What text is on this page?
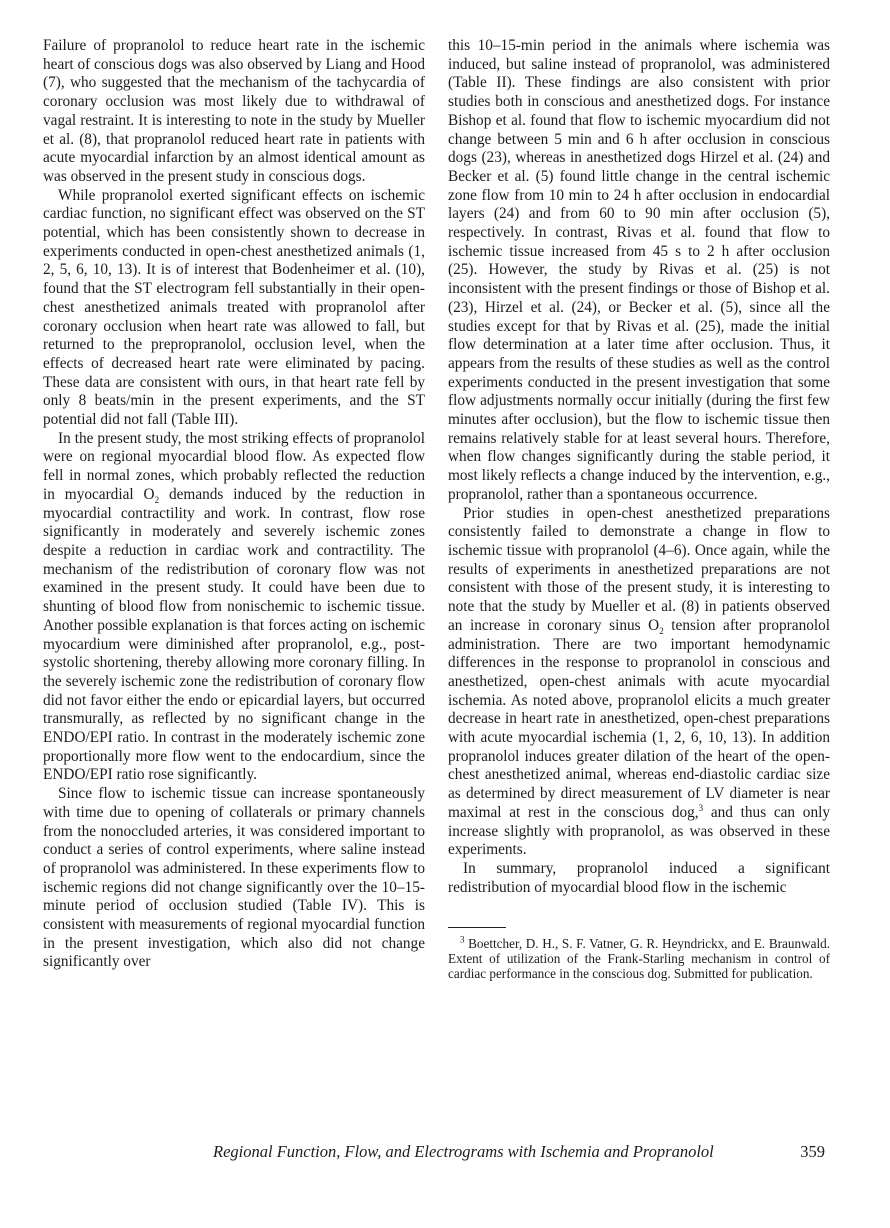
Failure of propranolol to reduce heart rate in the ischemic heart of conscious dogs was also observed by Liang and Hood (7), who suggested that the mechanism of the tachycardia of coronary occlusion was most likely due to withdrawal of vagal restraint. It is interesting to note in the study by Mueller et al. (8), that propranolol reduced heart rate in patients with acute myocardial infarction by an almost identical amount as was observed in the present study in conscious dogs.

While propranolol exerted significant effects on ischemic cardiac function, no significant effect was observed on the ST potential, which has been consistently shown to decrease in experiments conducted in open-chest anesthetized animals (1, 2, 5, 6, 10, 13). It is of interest that Bodenheimer et al. (10), found that the ST electrogram fell substantially in their open-chest anesthetized animals treated with propranolol after coronary occlusion when heart rate was allowed to fall, but returned to the prepropranolol, occlusion level, when the effects of decreased heart rate were eliminated by pacing. These data are consistent with ours, in that heart rate fell by only 8 beats/min in the present experiments, and the ST potential did not fall (Table III).

In the present study, the most striking effects of propranolol were on regional myocardial blood flow. As expected flow fell in normal zones, which probably reflected the reduction in myocardial $O_2$ demands induced by the reduction in myocardial contractility and work. In contrast, flow rose significantly in moderately and severely ischemic zones despite a reduction in cardiac work and contractility. The mechanism of the redistribution of coronary flow was not examined in the present study. It could have been due to shunting of blood flow from nonischemic to ischemic tissue. Another possible explanation is that forces acting on ischemic myocardium were diminished after propranolol, e.g., post-systolic shortening, thereby allowing more coronary filling. In the severely ischemic zone the redistribution of coronary flow did not favor either the endo or epicardial layers, but occurred transmurally, as reflected by no significant change in the ENDO/EPI ratio. In contrast in the moderately ischemic zone proportionally more flow went to the endocardium, since the ENDO/EPI ratio rose significantly.

Since flow to ischemic tissue can increase spontaneously with time due to opening of collaterals or primary channels from the nonoccluded arteries, it was considered important to conduct a series of control experiments, where saline instead of propranolol was administered. In these experiments flow to ischemic regions did not change significantly over the 10–15-minute period of occlusion studied (Table IV). This is consistent with measurements of regional myocardial function in the present investigation, which also did not change significantly over

this 10–15-min period in the animals where ischemia was induced, but saline instead of propranolol, was administered (Table II). These findings are also consistent with prior studies both in conscious and anesthetized dogs. For instance Bishop et al. found that flow to ischemic myocardium did not change between 5 min and 6 h after occlusion in conscious dogs (23), whereas in anesthetized dogs Hirzel et al. (24) and Becker et al. (5) found little change in the central ischemic zone flow from 10 min to 24 h after occlusion in endocardial layers (24) and from 60 to 90 min after occlusion (5), respectively. In contrast, Rivas et al. found that flow to ischemic tissue increased from 45 s to 2 h after occlusion (25). However, the study by Rivas et al. (25) is not inconsistent with the present findings or those of Bishop et al. (23), Hirzel et al. (24), or Becker et al. (5), since all the studies except for that by Rivas et al. (25), made the initial flow determination at a later time after occlusion. Thus, it appears from the results of these studies as well as the control experiments conducted in the present investigation that some flow adjustments normally occur initially (during the first few minutes after occlusion), but the flow to ischemic tissue then remains relatively stable for at least several hours. Therefore, when flow changes significantly during the stable period, it most likely reflects a change induced by the intervention, e.g., propranolol, rather than a spontaneous occurrence.

Prior studies in open-chest anesthetized preparations consistently failed to demonstrate a change in flow to ischemic tissue with propranolol (4–6). Once again, while the results of experiments in anesthetized preparations are not consistent with those of the present study, it is interesting to note that the study by Mueller et al. (8) in patients observed an increase in coronary sinus $O_2$ tension after propranolol administration. There are two important hemodynamic differences in the response to propranolol in conscious and anesthetized, open-chest animals with acute myocardial ischemia. As noted above, propranolol elicits a much greater decrease in heart rate in anesthetized, open-chest preparations with acute myocardial ischemia (1, 2, 6, 10, 13). In addition propranolol induces greater dilation of the heart of the open-chest anesthetized animal, whereas end-diastolic cardiac size as determined by direct measurement of LV diameter is near maximal at rest in the conscious dog,$^3$ and thus can only increase slightly with propranolol, as was observed in these experiments.

In summary, propranolol induced a significant redistribution of myocardial blood flow in the ischemic

$^3$ Boettcher, D. H., S. F. Vatner, G. R. Heyndrickx, and E. Braunwald. Extent of utilization of the Frank-Starling mechanism in control of cardiac performance in the conscious dog. Submitted for publication.

Regional Function, Flow, and Electrograms with Ischemia and Propranolol	359
